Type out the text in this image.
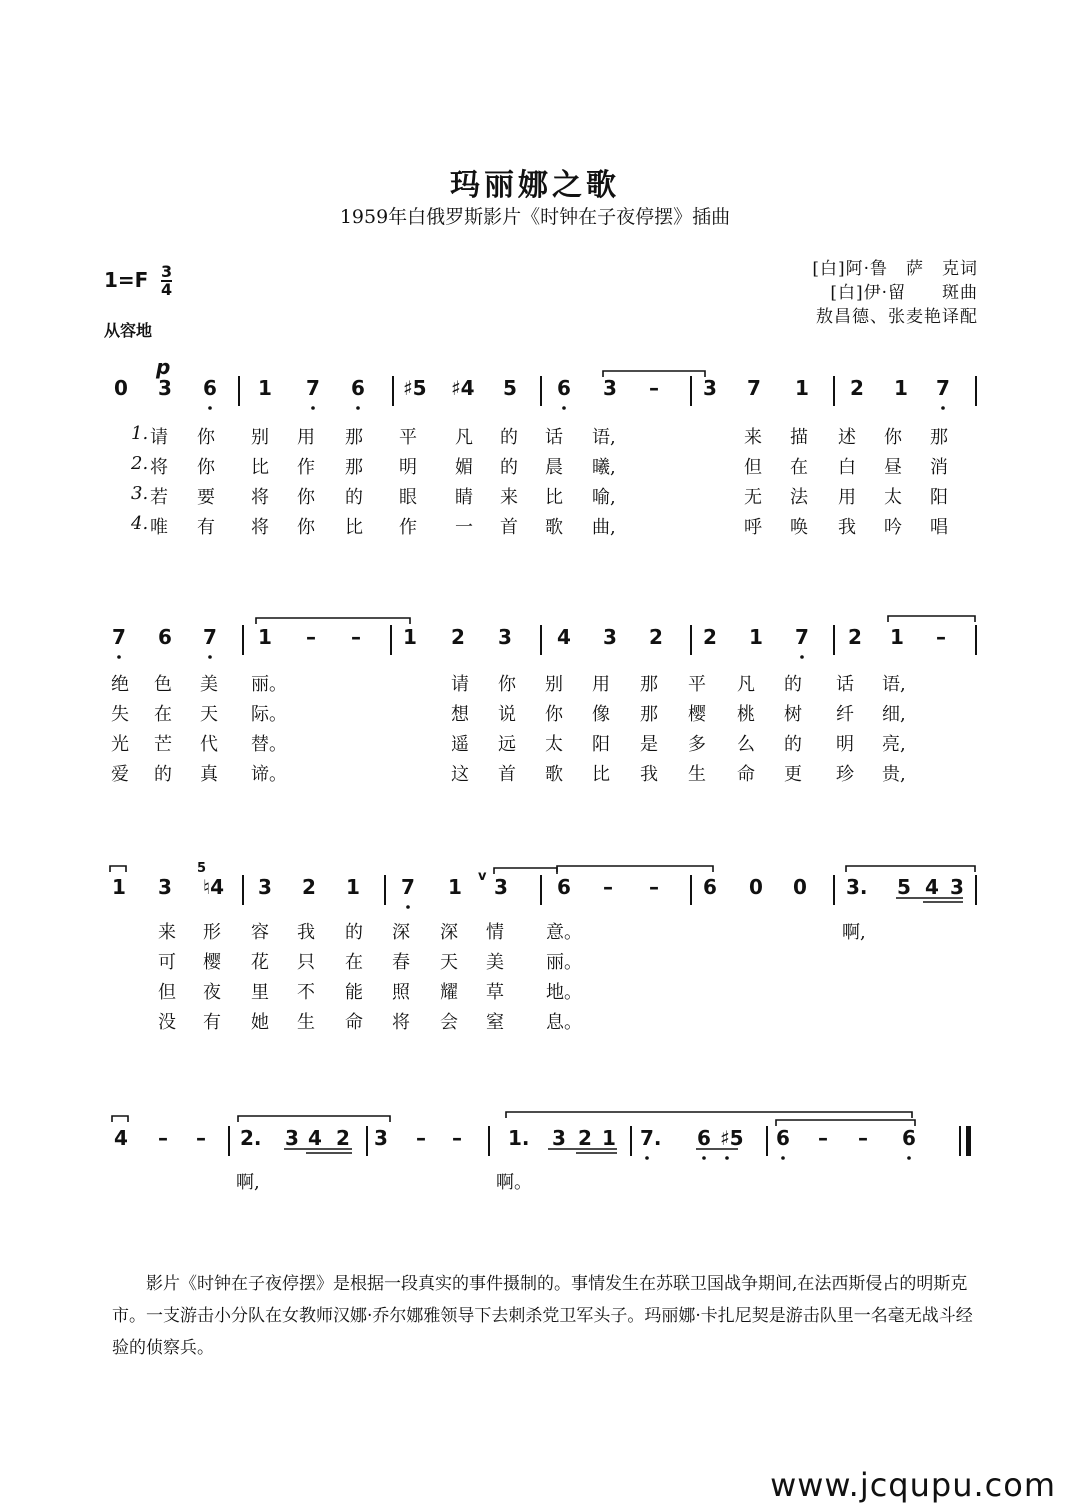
玛丽娜之歌
1959年白俄罗斯影片《时钟在子夜停摆》插曲
1=F 3
4
从容地
[白]阿·鲁　萨　克词
[白]伊·留　　斑曲
敖昌德、张麦艳译配
0 3 6 1 7 6 ♯5 ♯4 5 6 3 – 3 7 1 2 1 7
p
1. 请 你 别 用 那 平 凡 的 话 语,	来 描 述 你 那
2. 将 你 比 作 那 明 媚 的 晨 曦,	但 在 白 昼 消
3. 若 要 将 你 的 眼 睛 来 比 喻,	无 法 用 太 阳
4. 唯 有 将 你 比 作 一 首 歌 曲,	呼 唤 我 吟 唱
7 6 7 1 – – 1 2 3 4 3 2 2 1 7 2 1 –
绝 色 美 丽。	请 你 别 用 那 平 凡 的 话 语,
失 在 天 际。	想 说 你 像 那 樱 桃 树 纤 细,
光 芒 代 替。	遥 远 太 阳 是 多 么 的 明 亮,
爱 的 真 谛。	这 首 歌 比 我 生 命 更 珍 贵,
1 3 ♮4 3 2 1 7 1 3 6 – – 6 0 0 3. 5 4 3
5
v
来 形 容 我 的 深 深 情 意。	啊,
可 樱 花 只 在 春 天 美 丽。
但 夜 里 不 能 照 耀 草 地。
没 有 她 生 命 将 会 窒 息。
4 – – 2. 3 4 2 3 – – 1. 3 2 1 7. 6 ♯5 6 – – 6
啊,	啊。
影片《时钟在子夜停摆》是根据一段真实的事件摄制的。事情发生在苏联卫国战争期间,在法西斯侵占的明斯克市。一支游击小分队在女教师汉娜·乔尔娜雅领导下去刺杀党卫军头子。玛丽娜·卡扎尼契是游击队里一名毫无战斗经验的侦察兵。
www.jcqupu.com
